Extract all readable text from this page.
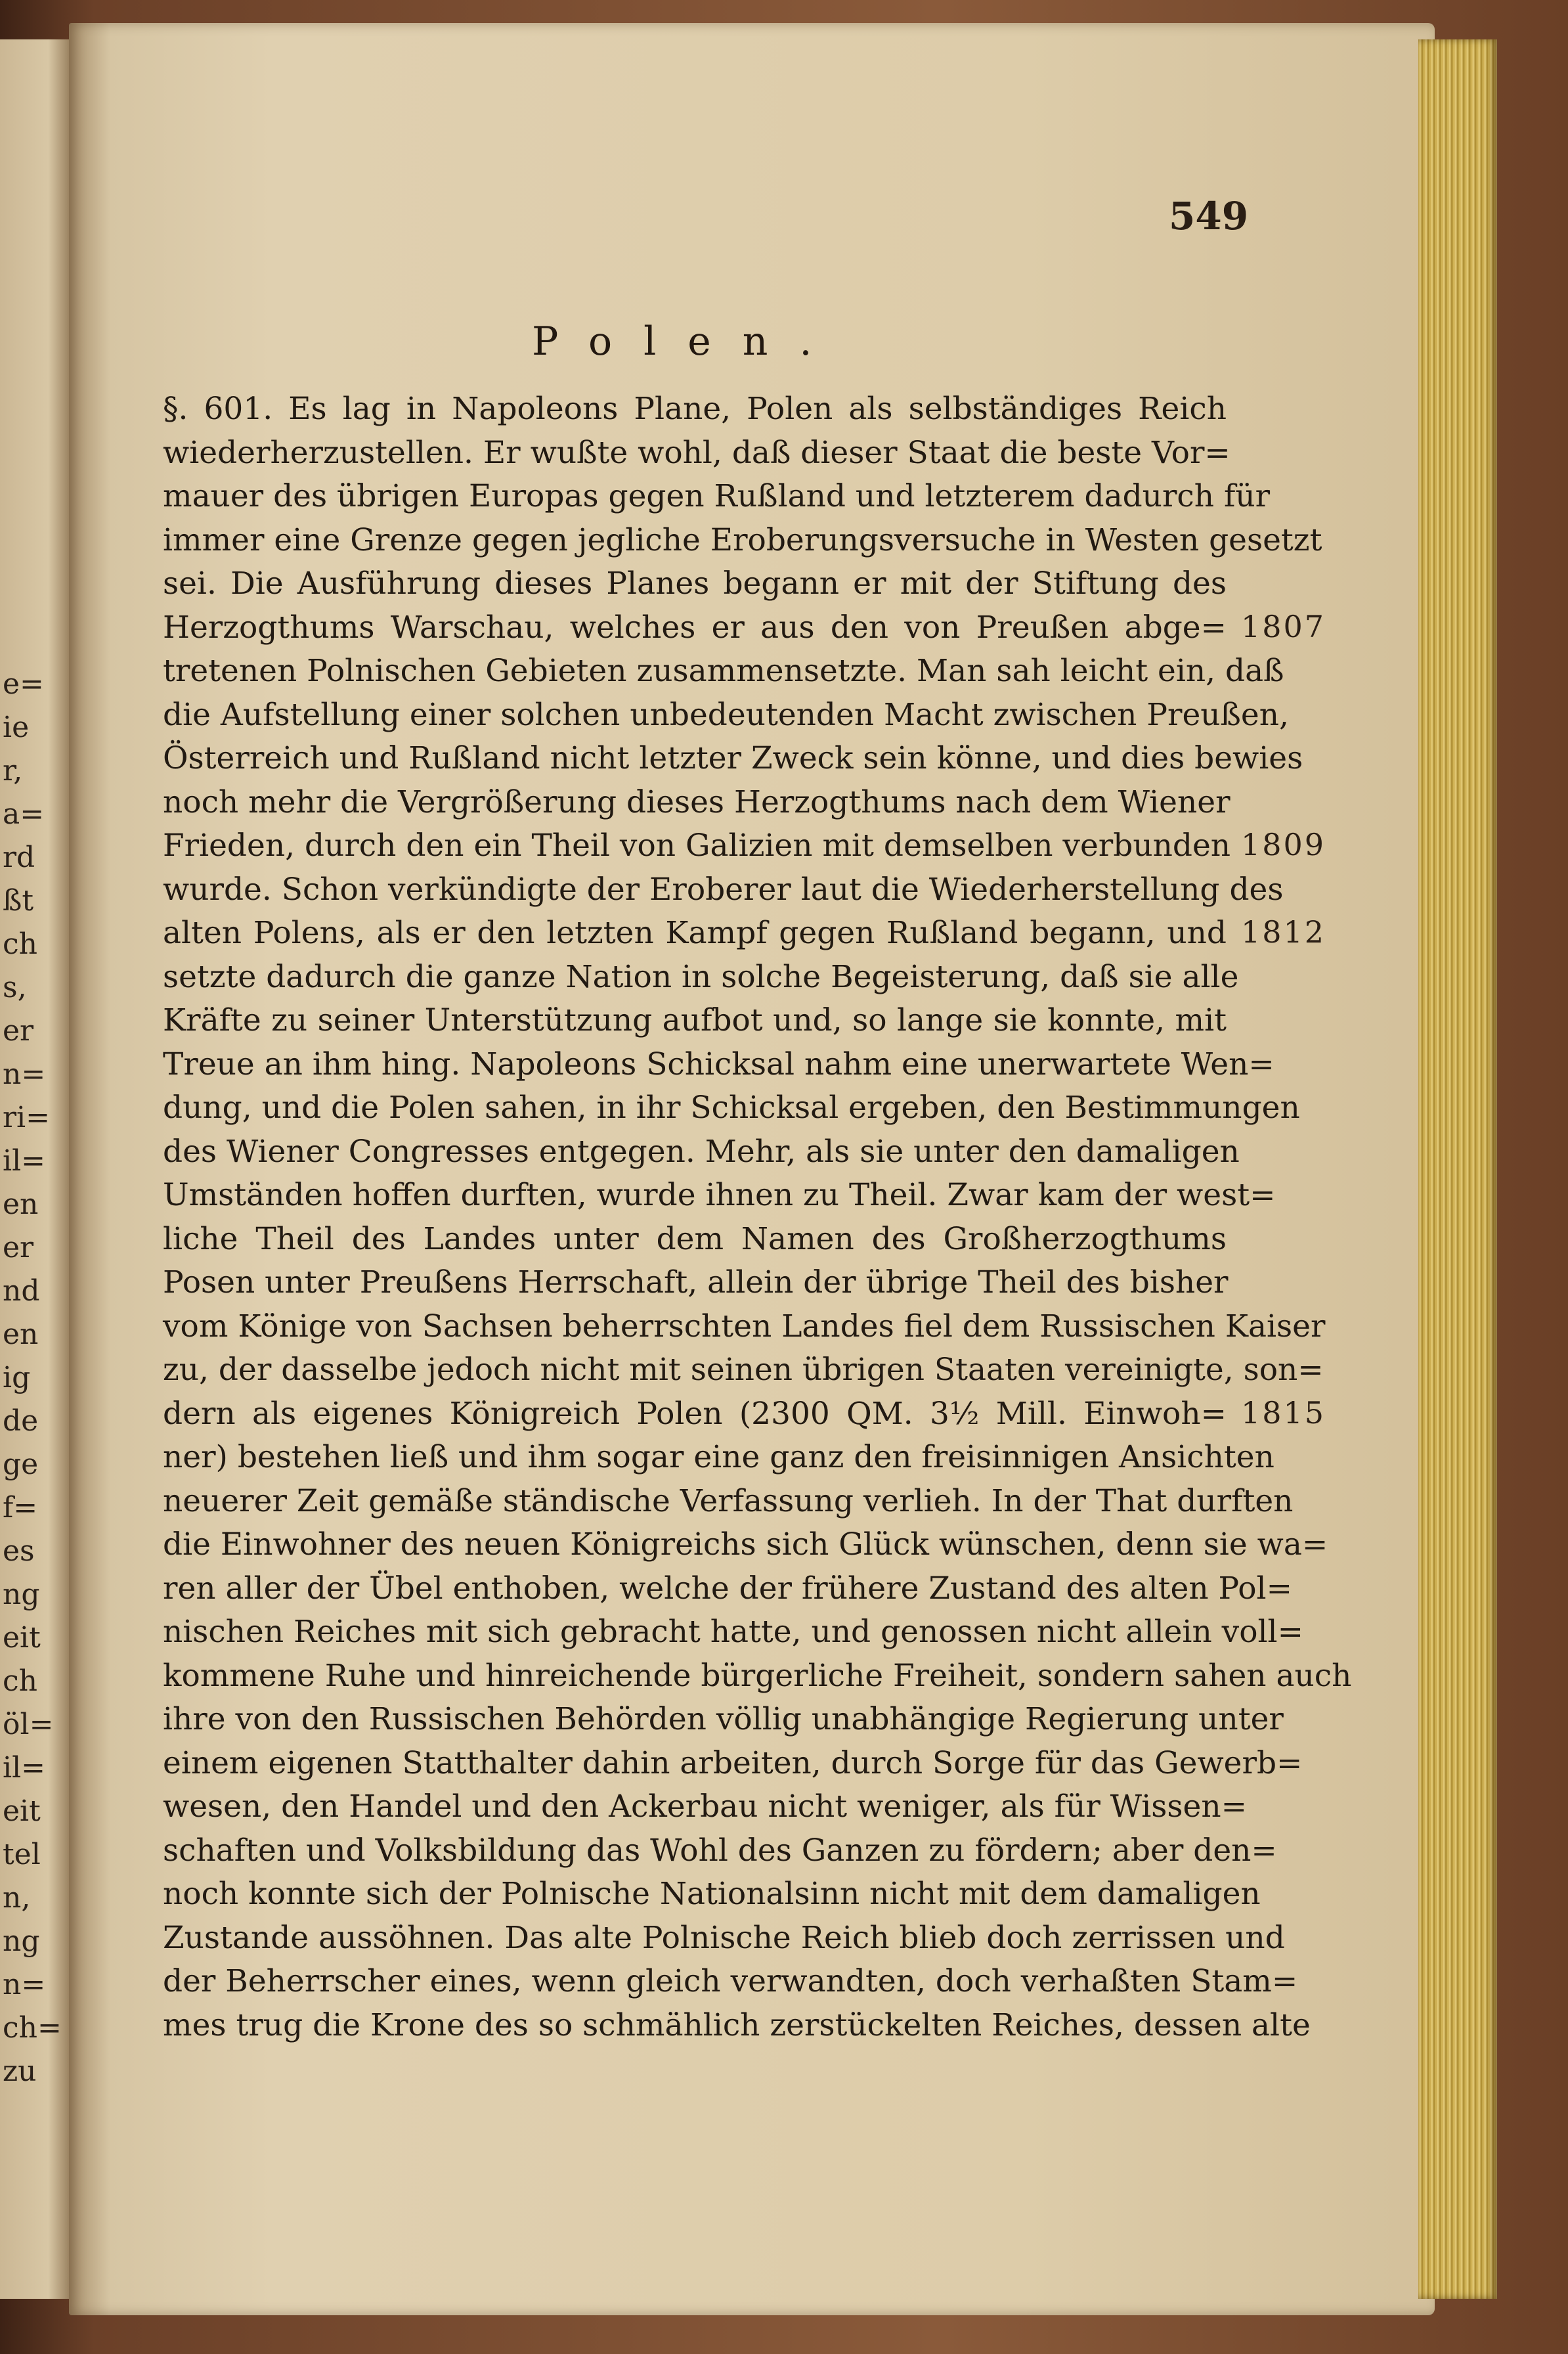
e=
ie
r,
a=
rd
ßt
ch
s,
er
n=
ri=
il=
en
er
nd
en
ig
de
ge
f=
es
ng
eit
ch
öl=
il=
eit
tel
n,
ng
n=
ch=
zu
549
Polen.
§. 601. Es lag in Napoleons Plane, Polen als selbständiges Reich
wiederherzustellen. Er wußte wohl, daß dieser Staat die beste Vor=
mauer des übrigen Europas gegen Rußland und letzterem dadurch für
immer eine Grenze gegen jegliche Eroberungsversuche in Westen gesetzt
sei. Die Ausführung dieses Planes begann er mit der Stiftung des
Herzogthums Warschau, welches er aus den von Preußen abge=
tretenen Polnischen Gebieten zusammensetzte. Man sah leicht ein, daß
die Aufstellung einer solchen unbedeutenden Macht zwischen Preußen,
Österreich und Rußland nicht letzter Zweck sein könne, und dies bewies
noch mehr die Vergrößerung dieses Herzogthums nach dem Wiener
Frieden, durch den ein Theil von Galizien mit demselben verbunden
wurde. Schon verkündigte der Eroberer laut die Wiederherstellung des
alten Polens, als er den letzten Kampf gegen Rußland begann, und
setzte dadurch die ganze Nation in solche Begeisterung, daß sie alle
Kräfte zu seiner Unterstützung aufbot und, so lange sie konnte, mit
Treue an ihm hing. Napoleons Schicksal nahm eine unerwartete Wen=
dung, und die Polen sahen, in ihr Schicksal ergeben, den Bestimmungen
des Wiener Congresses entgegen. Mehr, als sie unter den damaligen
Umständen hoffen durften, wurde ihnen zu Theil. Zwar kam der west=
liche Theil des Landes unter dem Namen des Großherzogthums
Posen unter Preußens Herrschaft, allein der übrige Theil des bisher
vom Könige von Sachsen beherrschten Landes fiel dem Russischen Kaiser
zu, der dasselbe jedoch nicht mit seinen übrigen Staaten vereinigte, son=
dern als eigenes Königreich Polen (2300 QM. 3½ Mill. Einwoh=
ner) bestehen ließ und ihm sogar eine ganz den freisinnigen Ansichten
neuerer Zeit gemäße ständische Verfassung verlieh. In der That durften
die Einwohner des neuen Königreichs sich Glück wünschen, denn sie wa=
ren aller der Übel enthoben, welche der frühere Zustand des alten Pol=
nischen Reiches mit sich gebracht hatte, und genossen nicht allein voll=
kommene Ruhe und hinreichende bürgerliche Freiheit, sondern sahen auch
ihre von den Russischen Behörden völlig unabhängige Regierung unter
einem eigenen Statthalter dahin arbeiten, durch Sorge für das Gewerb=
wesen, den Handel und den Ackerbau nicht weniger, als für Wissen=
schaften und Volksbildung das Wohl des Ganzen zu fördern; aber den=
noch konnte sich der Polnische Nationalsinn nicht mit dem damaligen
Zustande aussöhnen. Das alte Polnische Reich blieb doch zerrissen und
der Beherrscher eines, wenn gleich verwandten, doch verhaßten Stam=
mes trug die Krone des so schmählich zerstückelten Reiches, dessen alte
1807
1809
1812
1815
